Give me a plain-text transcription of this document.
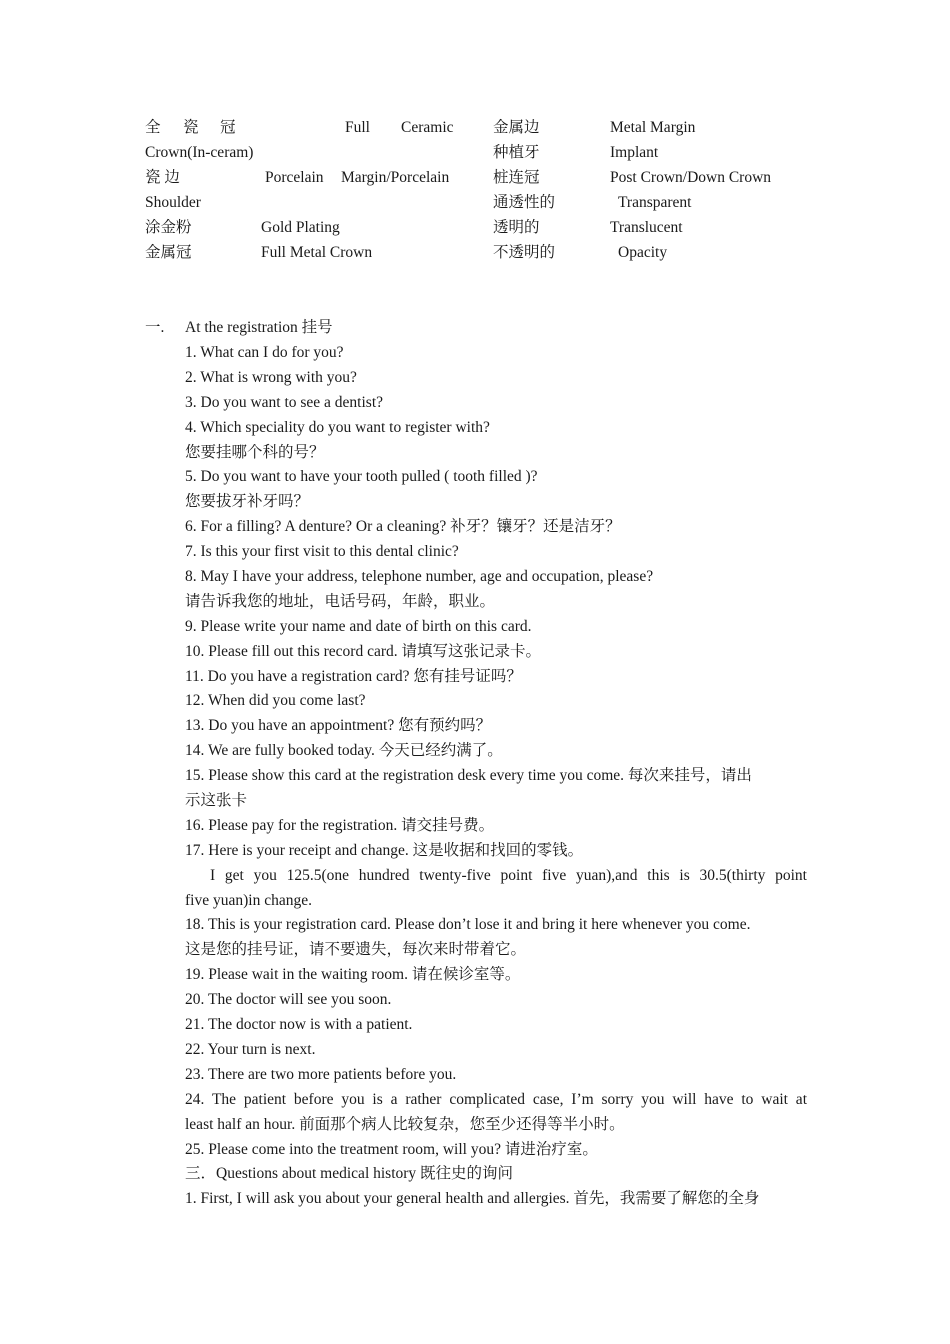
全 瓷 冠	Full Ceramic	金属边	Metal Margin
Crown(In-ceram)	种植牙	Implant
瓷 边	Porcelain Margin/Porcelain	桩连冠	Post Crown/Down Crown
Shoulder	通透性的	Transparent
涂金粉	Gold Plating	透明的	Translucent
金属冠	Full Metal Crown	不透明的	Opacity
一. At the registration 挂号
1. What can I do for you?
2. What is wrong with you?
3. Do you want to see a dentist?
4. Which speciality do you want to register with?
您要挂哪个科的号？
5. Do you want to have your tooth pulled ( tooth filled )?
您要拔牙补牙吗？
6. For a filling? A denture? Or a cleaning? 补牙？镶牙？还是洁牙？
7. Is this your first visit to this dental clinic?
8. May I have your address, telephone number, age and occupation, please?
请告诉我您的地址，电话号码，年龄，职业。
9. Please write your name and date of birth on this card.
10. Please fill out this record card. 请填写这张记录卡。
11. Do you have a registration card? 您有挂号证吗？
12. When did you come last?
13. Do you have an appointment? 您有预约吗？
14. We are fully booked today. 今天已经约满了。
15. Please show this card at the registration desk every time you come. 每次来挂号，请出
示这张卡
16. Please pay for the registration. 请交挂号费。
17. Here is your receipt and change. 这是收据和找回的零钱。
I get you 125.5(one hundred twenty-five point five yuan),and this is 30.5(thirty point
five yuan)in change.
18. This is your registration card. Please don’t lose it and bring it here whenever you come.
这是您的挂号证，请不要遗失，每次来时带着它。
19. Please wait in the waiting room. 请在候诊室等。
20. The doctor will see you soon.
21. The doctor now is with a patient.
22. Your turn is next.
23. There are two more patients before you.
24. The patient before you is a rather complicated case, I’m sorry you will have to wait at
least half an hour. 前面那个病人比较复杂，您至少还得等半小时。
25. Please come into the treatment room, will you? 请进治疗室。
三．Questions about medical history 既往史的询问
1. First, I will ask you about your general health and allergies. 首先，我需要了解您的全身
